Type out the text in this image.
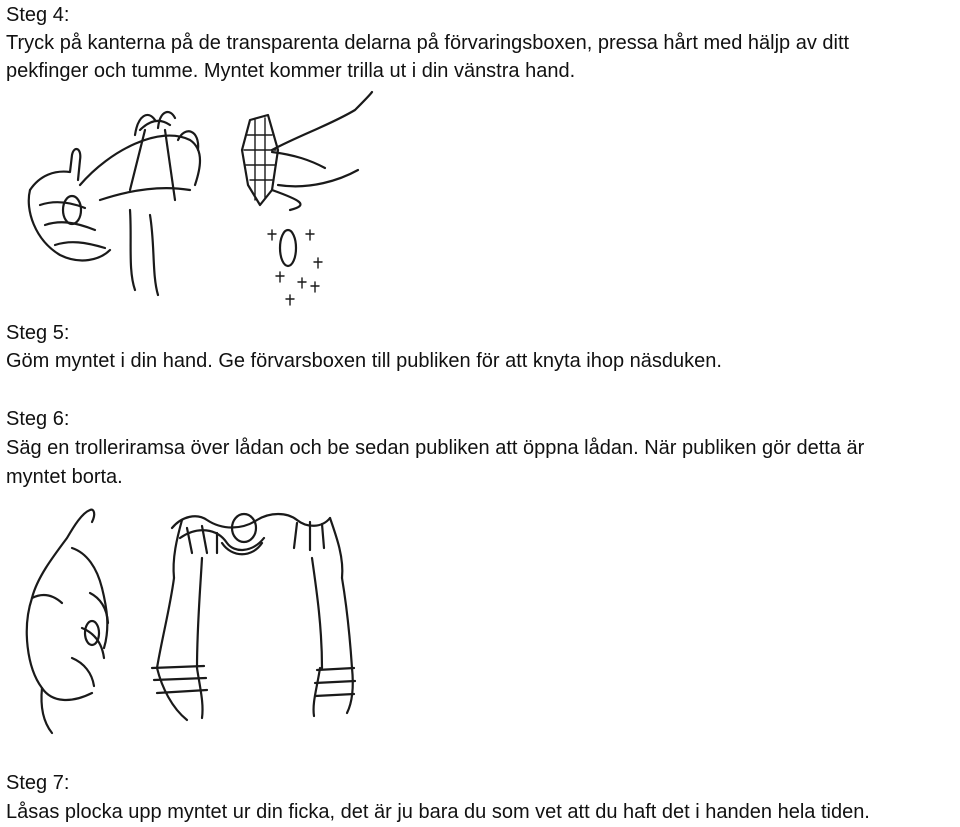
Steg 4:
Tryck på kanterna på de transparenta delarna på förvaringsboxen, pressa hårt med häljp av ditt
pekfinger och tumme. Myntet kommer trilla ut i din vänstra hand.
Steg 5:
Göm myntet i din hand. Ge förvarsboxen till publiken för att knyta ihop näsduken.
Steg 6:
Säg en trolleriramsa över lådan och be sedan publiken att öppna lådan. När publiken gör detta är
myntet borta.
Steg 7:
Låsas plocka upp myntet ur din ficka, det är ju bara du som vet att du haft det i handen hela tiden.
